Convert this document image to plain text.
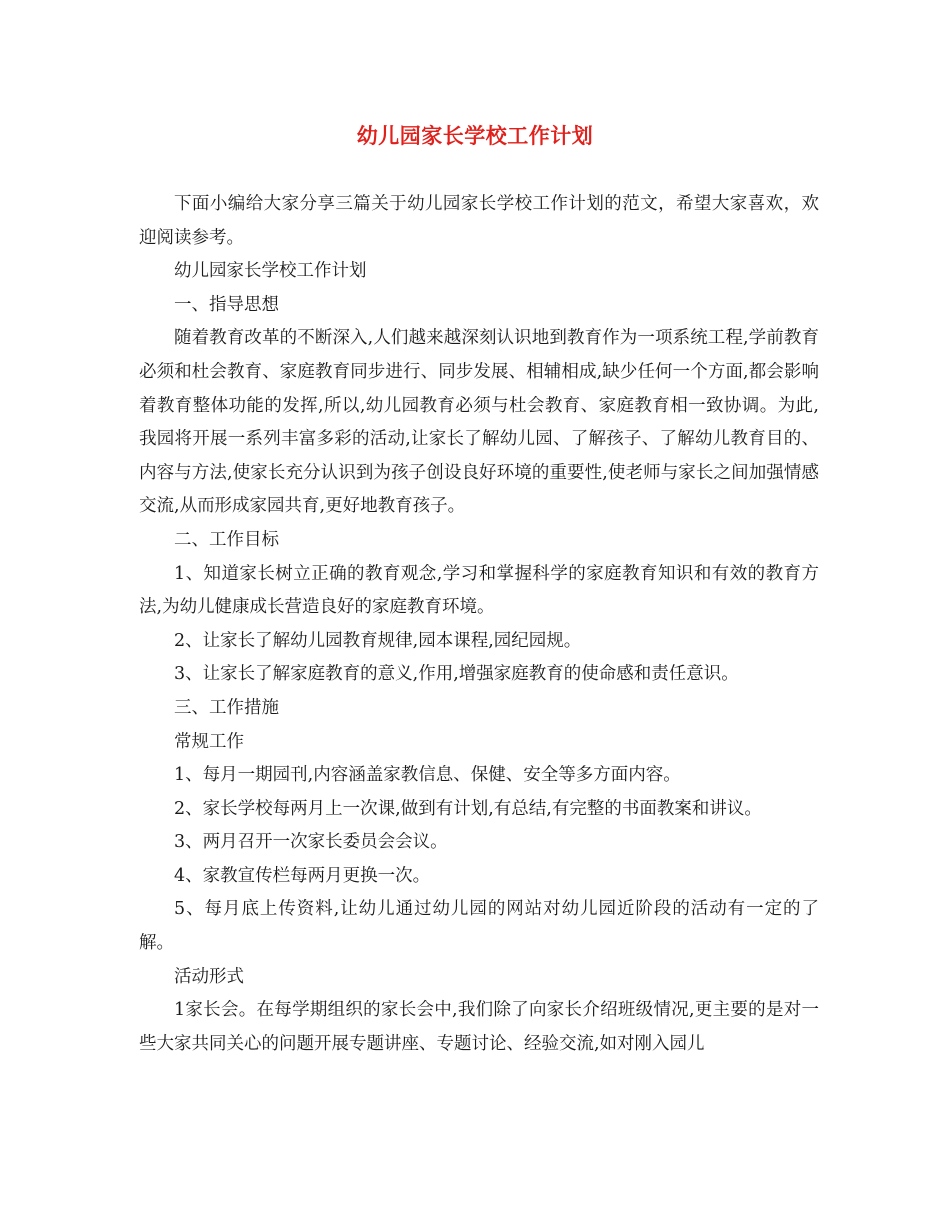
幼儿园家长学校工作计划

下面小编给大家分享三篇关于幼儿园家长学校工作计划的范文，希望大家喜欢，欢迎阅读参考。

幼儿园家长学校工作计划

一、指导思想

随着教育改革的不断深入,人们越来越深刻认识地到教育作为一项系统工程,学前教育必须和杜会教育、家庭教育同步进行、同步发展、相辅相成,缺少任何一个方面,都会影响着教育整体功能的发挥,所以,幼儿园教育必须与杜会教育、家庭教育相一致协调。为此,我园将开展一系列丰富多彩的活动,让家长了解幼儿园、了解孩子、了解幼儿教育目的、内容与方法,使家长充分认识到为孩子创设良好环境的重要性,使老师与家长之间加强情感交流,从而形成家园共育,更好地教育孩子。

二、工作目标

1、知道家长树立正确的教育观念,学习和掌握科学的家庭教育知识和有效的教育方法,为幼儿健康成长营造良好的家庭教育环境。

2、让家长了解幼儿园教育规律,园本课程,园纪园规。

3、让家长了解家庭教育的意义,作用,增强家庭教育的使命感和责任意识。

三、工作措施

常规工作

1、每月一期园刊,内容涵盖家教信息、保健、安全等多方面内容。

2、家长学校每两月上一次课,做到有计划,有总结,有完整的书面教案和讲议。

3、两月召开一次家长委员会会议。

4、家教宣传栏每两月更换一次。

5、每月底上传资料,让幼儿通过幼儿园的网站对幼儿园近阶段的活动有一定的了解。

活动形式

1家长会。在每学期组织的家长会中,我们除了向家长介绍班级情况,更主要的是对一些大家共同关心的问题开展专题讲座、专题讨论、经验交流,如对刚入园儿
